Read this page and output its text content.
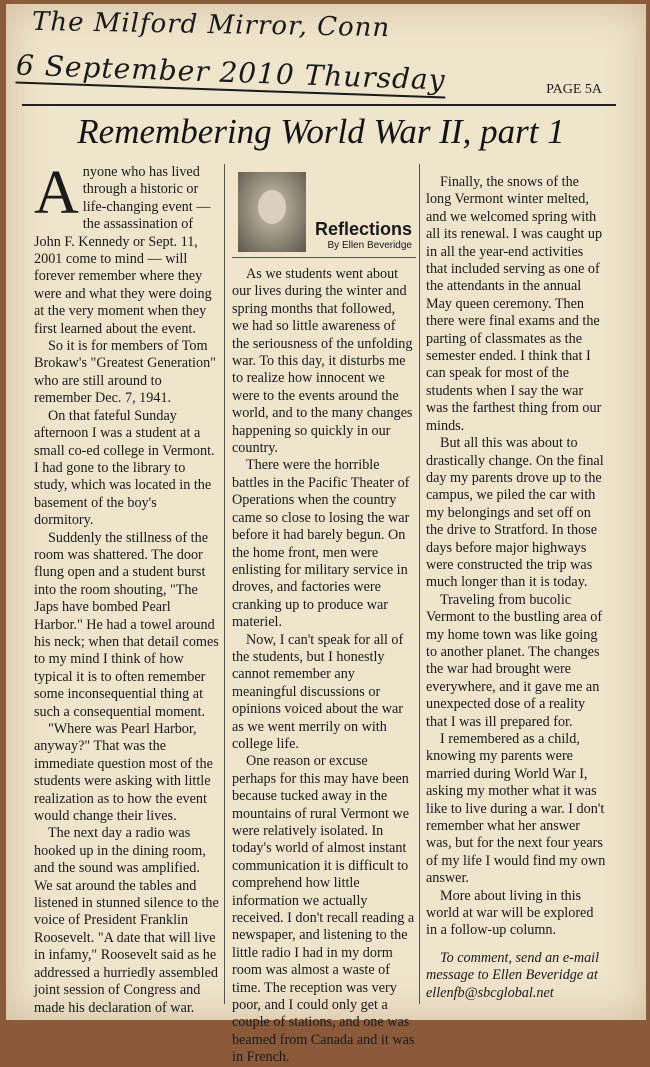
The Milford Mirror, Conn
6 September 2010 Thursday	PAGE 5A
Remembering World War II, part 1

Anyone who has lived through a historic or life-changing event — the assassination of John F. Kennedy or Sept. 11, 2001 come to mind — will forever remember where they were and what they were doing at the very moment when they first learned about the event.

So it is for members of Tom Brokaw's "Greatest Generation" who are still around to remember Dec. 7, 1941.

On that fateful Sunday afternoon I was a student at a small co-ed college in Vermont. I had gone to the library to study, which was located in the basement of the boy's dormitory.

Suddenly the stillness of the room was shattered. The door flung open and a student burst into the room shouting, "The Japs have bombed Pearl Harbor." He had a towel around his neck; when that detail comes to my mind I think of how typical it is to often remember some inconsequential thing at such a consequential moment.

"Where was Pearl Harbor, anyway?" That was the immediate question most of the students were asking with little realization as to how the event would change their lives.

The next day a radio was hooked up in the dining room, and the sound was amplified. We sat around the tables and listened in stunned silence to the voice of President Franklin Roosevelt. "A date that will live in infamy," Roosevelt said as he addressed a hurriedly assembled joint session of Congress and made his declaration of war.

Reflections
By Ellen Beveridge

As we students went about our lives during the winter and spring months that followed, we had so little awareness of the seriousness of the unfolding war. To this day, it disturbs me to realize how innocent we were to the events around the world, and to the many changes happening so quickly in our country.

There were the horrible battles in the Pacific Theater of Operations when the country came so close to losing the war before it had barely begun. On the home front, men were enlisting for military service in droves, and factories were cranking up to produce war materiel.

Now, I can't speak for all of the students, but I honestly cannot remember any meaningful discussions or opinions voiced about the war as we went merrily on with college life.

One reason or excuse perhaps for this may have been because tucked away in the mountains of rural Vermont we were relatively isolated. In today's world of almost instant communication it is difficult to comprehend how little information we actually received. I don't recall reading a newspaper, and listening to the little radio I had in my dorm room was almost a waste of time. The reception was very poor, and I could only get a couple of stations, and one was beamed from Canada and it was in French.

Finally, the snows of the long Vermont winter melted, and we welcomed spring with all its renewal. I was caught up in all the year-end activities that included serving as one of the attendants in the annual May queen ceremony. Then there were final exams and the parting of classmates as the semester ended. I think that I can speak for most of the students when I say the war was the farthest thing from our minds.

But all this was about to drastically change. On the final day my parents drove up to the campus, we piled the car with my belongings and set off on the drive to Stratford. In those days before major highways were constructed the trip was much longer than it is today.

Traveling from bucolic Vermont to the bustling area of my home town was like going to another planet. The changes the war had brought were everywhere, and it gave me an unexpected dose of a reality that I was ill prepared for.

I remembered as a child, knowing my parents were married during World War I, asking my mother what it was like to live during a war. I don't remember what her answer was, but for the next four years of my life I would find my own answer.

More about living in this world at war will be explored in a follow-up column.

To comment, send an e-mail message to Ellen Beveridge at ellenfb@sbcglobal.net
